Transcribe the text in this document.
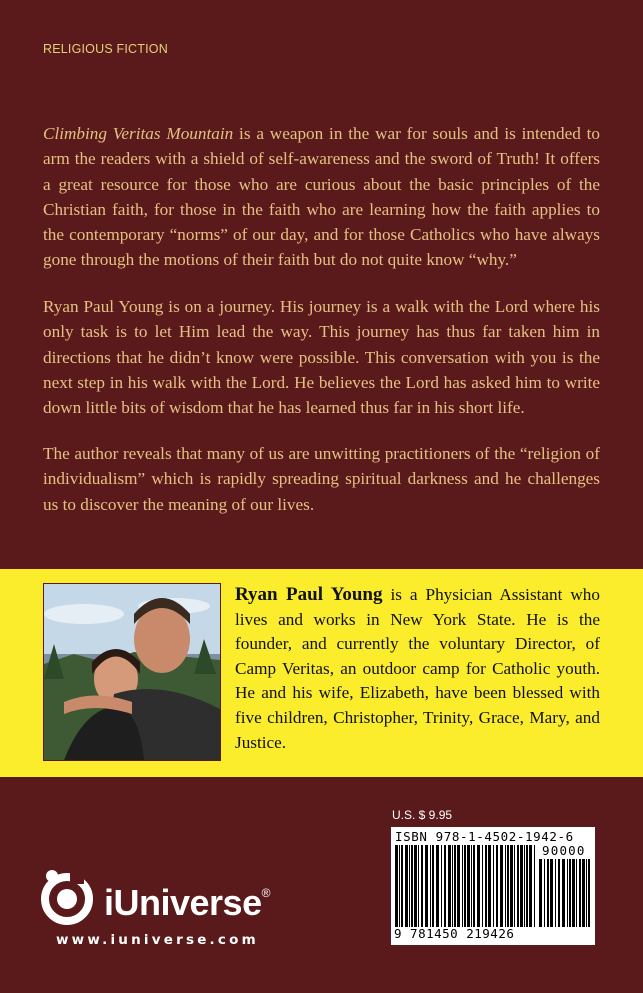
RELIGIOUS FICTION

Climbing Veritas Mountain is a weapon in the war for souls and is intended to arm the readers with a shield of self-awareness and the sword of Truth! It offers a great resource for those who are curious about the basic principles of the Christian faith, for those in the faith who are learning how the faith applies to the contemporary “norms” of our day, and for those Catholics who have always gone through the motions of their faith but do not quite know “why.”

Ryan Paul Young is on a journey. His journey is a walk with the Lord where his only task is to let Him lead the way. This journey has thus far taken him in directions that he didn’t know were possible. This conversation with you is the next step in his walk with the Lord. He believes the Lord has asked him to write down little bits of wisdom that he has learned thus far in his short life.

The author reveals that many of us are unwitting practitioners of the “religion of individualism” which is rapidly spreading spiritual darkness and he challenges us to discover the meaning of our lives.

Ryan Paul Young is a Physician Assistant who lives and works in New York State. He is the founder, and currently the voluntary Director, of Camp Veritas, an outdoor camp for Catholic youth. He and his wife, Elizabeth, have been blessed with five children, Christopher, Trinity, Grace, Mary, and Justice.

U.S. $ 9.95
ISBN 978-1-4502-1942-6
90000
9 781450 219426
iUniverse®
www.iuniverse.com
